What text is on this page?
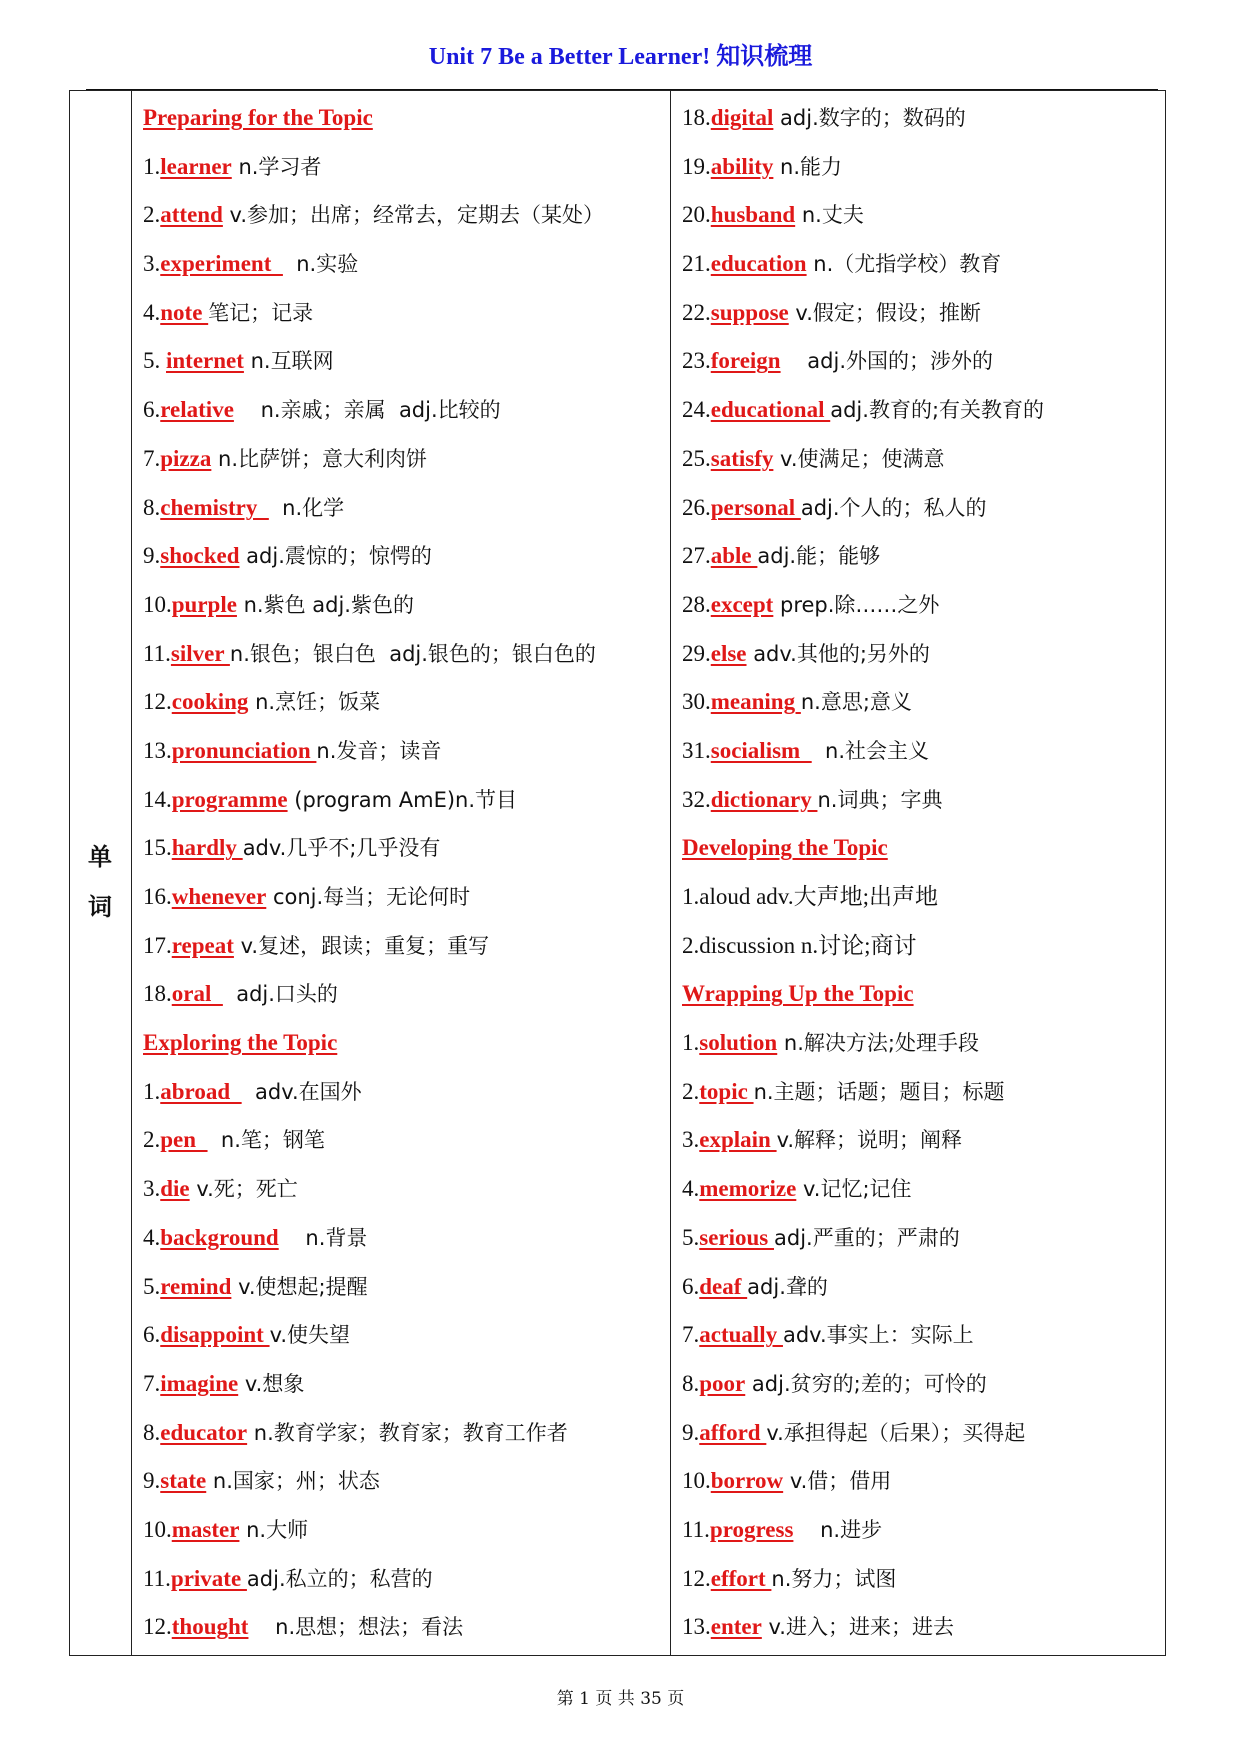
Unit 7 Be a Better Learner! 知识梳理
单
词
Preparing for the Topic
1.learner n.学习者
2.attend v.参加；出席；经常去，定期去（某处）
3.experiment    n.实验
4.note 笔记；记录
5. internet n.互联网
6.relative    n.亲戚；亲属  adj.比较的
7.pizza n.比萨饼；意大利肉饼
8.chemistry    n.化学
9.shocked adj.震惊的；惊愕的
10.purple n.紫色 adj.紫色的
11.silver n.银色；银白色  adj.银色的；银白色的
12.cooking n.烹饪；饭菜
13.pronunciation n.发音；读音
14.programme (program AmE)n.节目
15.hardly adv.几乎不;几乎没有
16.whenever conj.每当；无论何时
17.repeat v.复述，跟读；重复；重写
18.oral    adj.口头的
Exploring the Topic
1.abroad    adv.在国外
2.pen    n.笔；钢笔
3.die v.死；死亡
4.background    n.背景
5.remind v.使想起;提醒
6.disappoint v.使失望
7.imagine v.想象
8.educator n.教育学家；教育家；教育工作者
9.state n.国家；州；状态
10.master n.大师
11.private adj.私立的；私营的
12.thought    n.思想；想法；看法
18.digital adj.数字的；数码的
19.ability n.能力
20.husband n.丈夫
21.education n.（尤指学校）教育
22.suppose v.假定；假设；推断
23.foreign    adj.外国的；涉外的
24.educational adj.教育的;有关教育的
25.satisfy v.使满足；使满意
26.personal adj.个人的；私人的
27.able adj.能；能够
28.except prep.除……之外
29.else adv.其他的;另外的
30.meaning n.意思;意义
31.socialism    n.社会主义
32.dictionary n.词典；字典
Developing the Topic
1.aloud adv.大声地;出声地
2.discussion n.讨论;商讨
Wrapping Up the Topic
1.solution n.解决方法;处理手段
2.topic n.主题；话题；题目；标题
3.explain v.解释；说明；阐释
4.memorize v.记忆;记住
5.serious adj.严重的；严肃的
6.deaf adj.聋的
7.actually adv.事实上：实际上
8.poor adj.贫穷的;差的；可怜的
9.afford v.承担得起（后果）；买得起
10.borrow v.借；借用
11.progress    n.进步
12.effort n.努力；试图
13.enter v.进入；进来；进去
第 1 页 共 35 页
